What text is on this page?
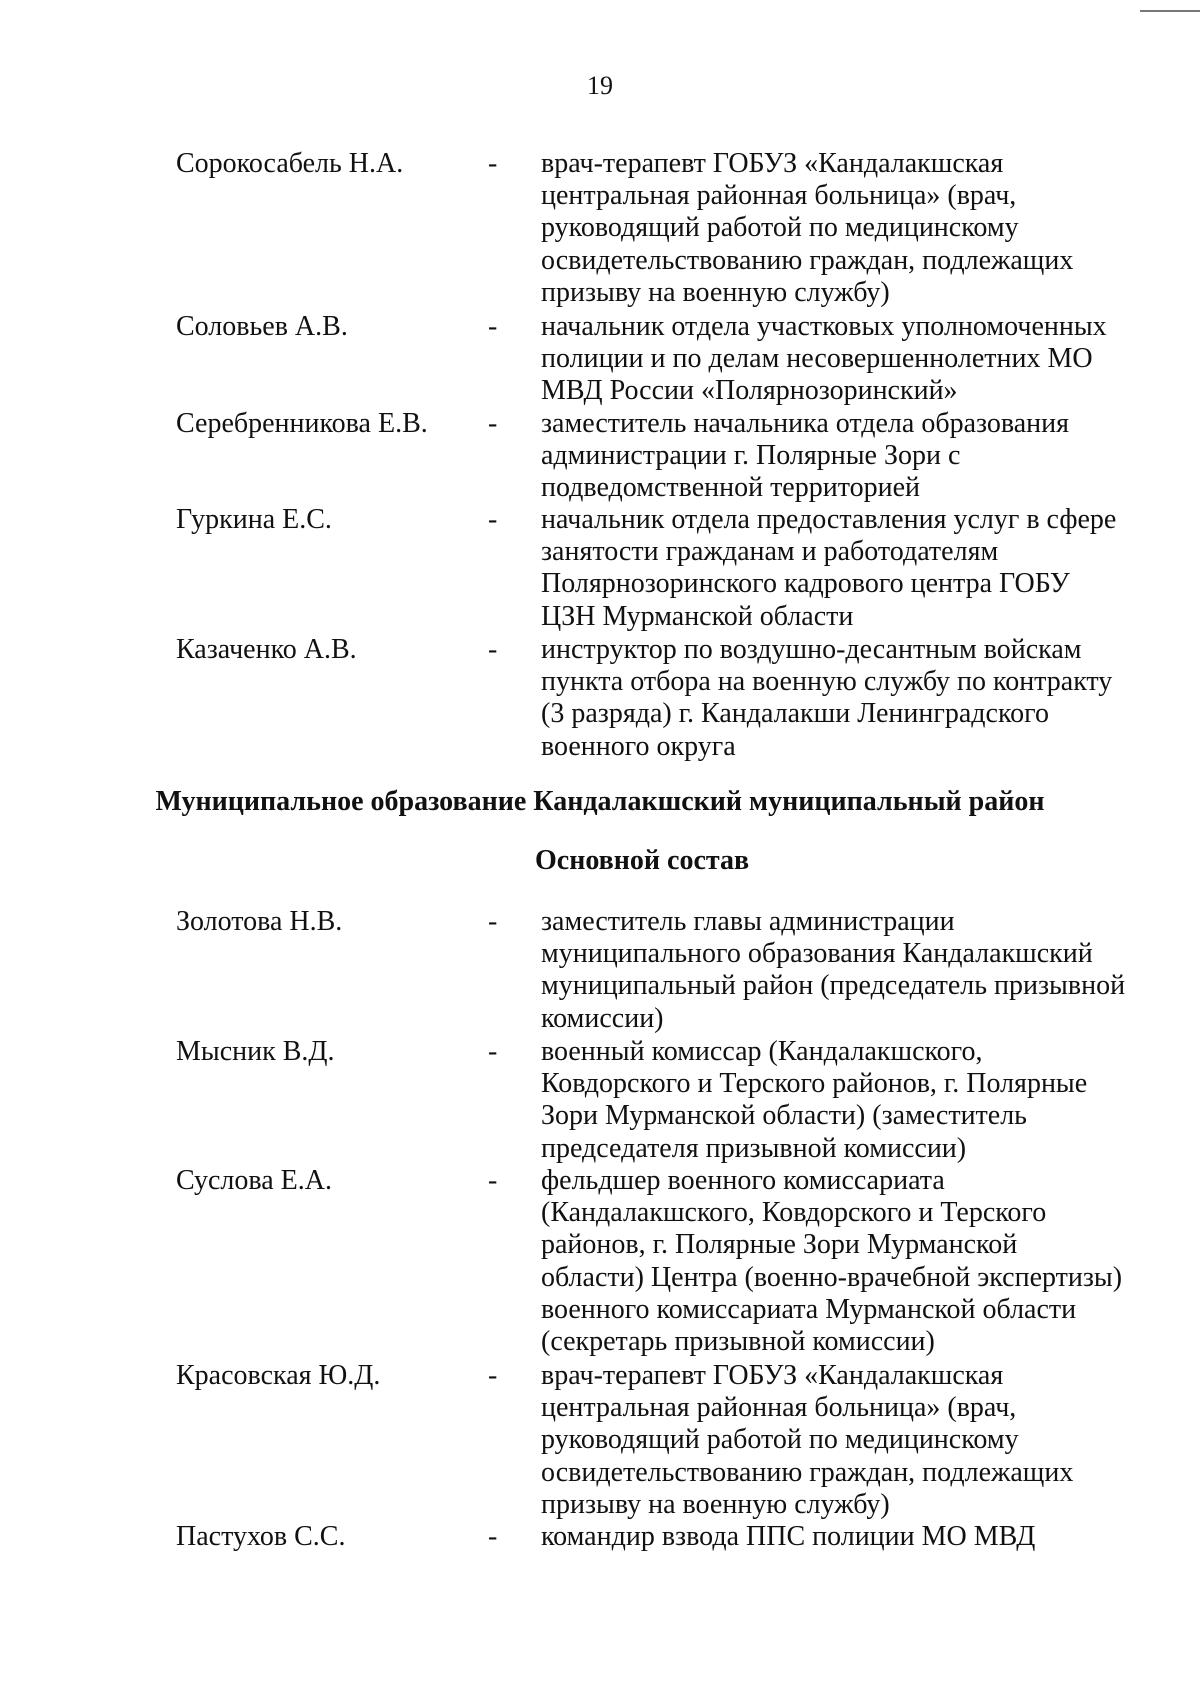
19
Сорокосабель Н.А.	- врач-терапевт ГОБУЗ «Кандалакшская
центральная районная больница» (врач,
руководящий работой по медицинскому
освидетельствованию граждан, подлежащих
призыву на военную службу)
Соловьев А.В.	- начальник отдела участковых уполномоченных
полиции и по делам несовершеннолетних МО
МВД России «Полярнозоринский»
Серебренникова Е.В. - заместитель начальника отдела образования
администрации г. Полярные Зори с
подведомственной территорией
Гуркина Е.С.	- начальник отдела предоставления услуг в сфере
занятости гражданам и работодателям
Полярнозоринского кадрового центра ГОБУ
ЦЗН Мурманской области
Казаченко А.В.	- инструктор по воздушно-десантным войскам
пункта отбора на военную службу по контракту
(3 разряда) г. Кандалакши Ленинградского
военного округа
Муниципальное образование Кандалакшский муниципальный район
Основной состав
Золотова Н.В.	- заместитель главы администрации
муниципального образования Кандалакшский
муниципальный район (председатель призывной
комиссии)
Мысник В.Д.	- военный комиссар (Кандалакшского,
Ковдорского и Терского районов, г. Полярные
Зори Мурманской области) (заместитель
председателя призывной комиссии)
Суслова Е.А.	- фельдшер военного комиссариата
(Кандалакшского, Ковдорского и Терского
районов, г. Полярные Зори Мурманской
области) Центра (военно-врачебной экспертизы)
военного комиссариата Мурманской области
(секретарь призывной комиссии)
Красовская Ю.Д.	- врач-терапевт ГОБУЗ «Кандалакшская
центральная районная больница» (врач,
руководящий работой по медицинскому
освидетельствованию граждан, подлежащих
призыву на военную службу)
Пастухов С.С.	- командир взвода ППС полиции МО МВД
